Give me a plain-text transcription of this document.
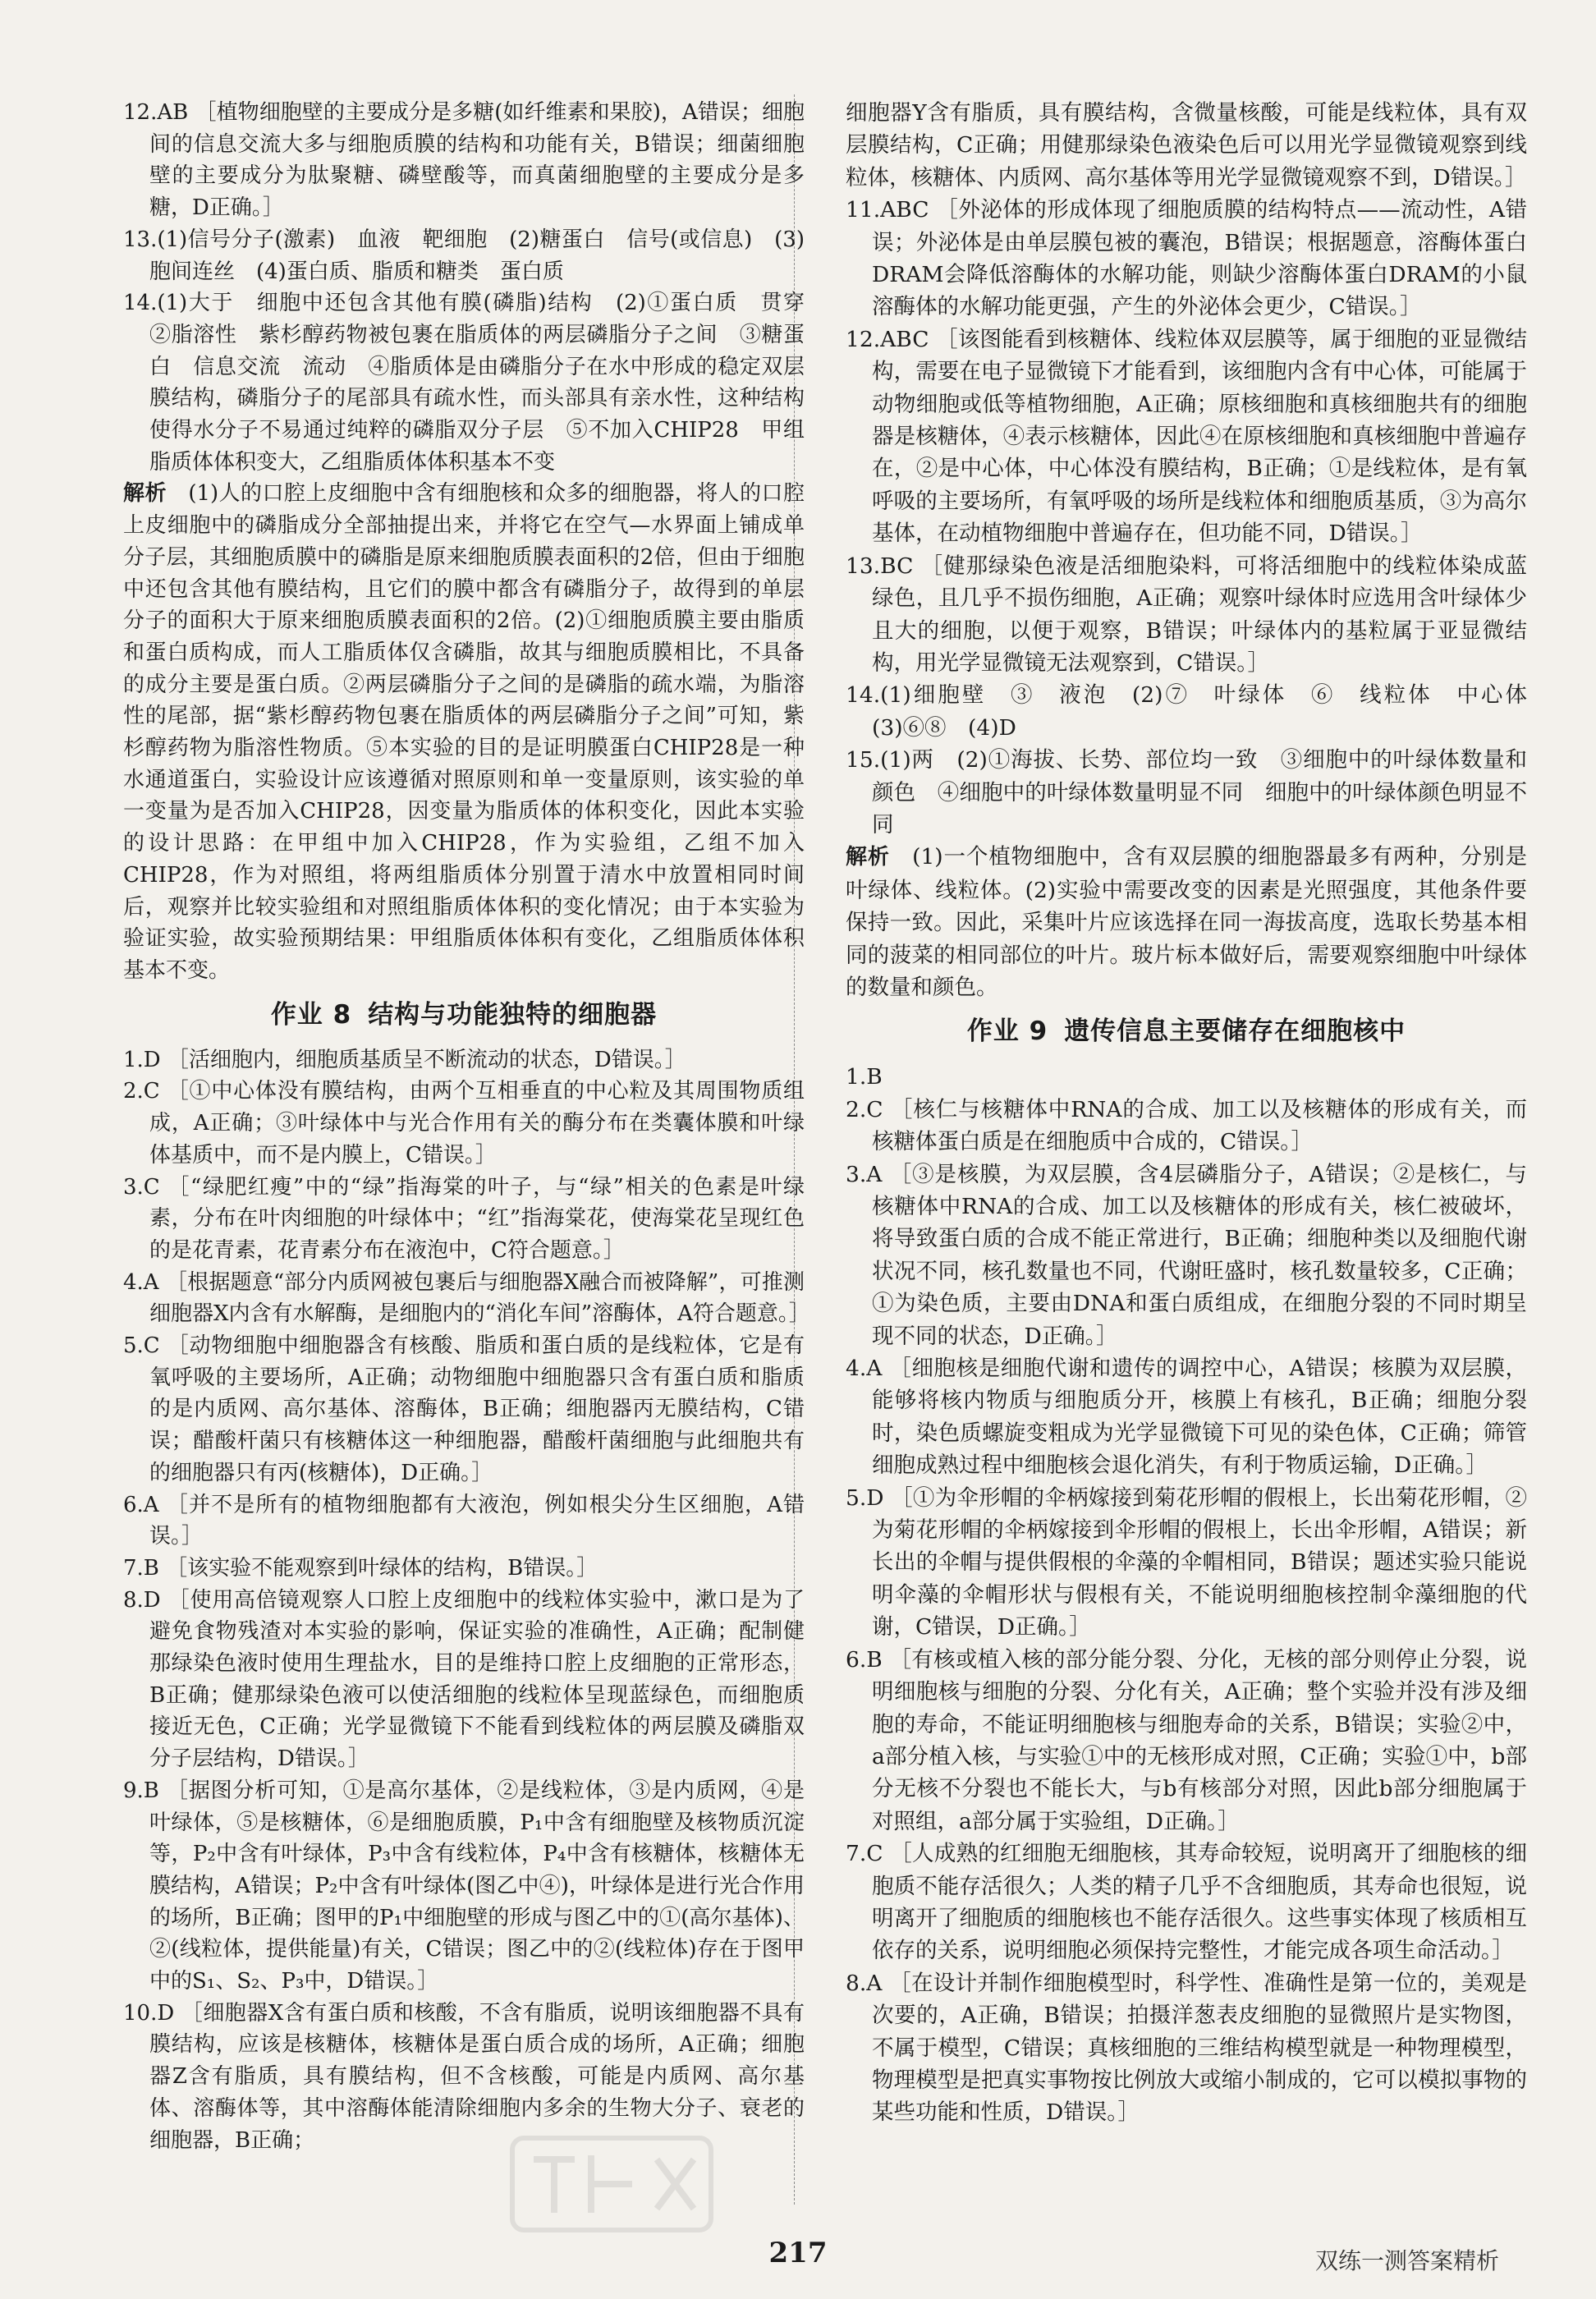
12.AB ［植物细胞壁的主要成分是多糖(如纤维素和果胶)，A错误；细胞间的信息交流大多与细胞质膜的结构和功能有关，B错误；细菌细胞壁的主要成分为肽聚糖、磷壁酸等，而真菌细胞壁的主要成分是多糖，D正确。］

13.(1)信号分子(激素)　血液　靶细胞　(2)糖蛋白　信号(或信息)　(3)胞间连丝　(4)蛋白质、脂质和糖类　蛋白质

14.(1)大于　细胞中还包含其他有膜(磷脂)结构　(2)①蛋白质　贯穿　②脂溶性　紫杉醇药物被包裹在脂质体的两层磷脂分子之间　③糖蛋白　信息交流　流动　④脂质体是由磷脂分子在水中形成的稳定双层膜结构，磷脂分子的尾部具有疏水性，而头部具有亲水性，这种结构使得水分子不易通过纯粹的磷脂双分子层　⑤不加入CHIP28　甲组脂质体体积变大，乙组脂质体体积基本不变

解析　 (1)人的口腔上皮细胞中含有细胞核和众多的细胞器，将人的口腔上皮细胞中的磷脂成分全部抽提出来，并将它在空气—水界面上铺成单分子层，其细胞质膜中的磷脂是原来细胞质膜表面积的2倍，但由于细胞中还包含其他有膜结构，且它们的膜中都含有磷脂分子，故得到的单层分子的面积大于原来细胞质膜表面积的2倍。(2)①细胞质膜主要由脂质和蛋白质构成，而人工脂质体仅含磷脂，故其与细胞质膜相比，不具备的成分主要是蛋白质。②两层磷脂分子之间的是磷脂的疏水端，为脂溶性的尾部，据“紫杉醇药物包裹在脂质体的两层磷脂分子之间”可知，紫杉醇药物为脂溶性物质。⑤本实验的目的是证明膜蛋白CHIP28是一种水通道蛋白，实验设计应该遵循对照原则和单一变量原则，该实验的单一变量为是否加入CHIP28，因变量为脂质体的体积变化，因此本实验的设计思路：在甲组中加入CHIP28，作为实验组，乙组不加入CHIP28，作为对照组，将两组脂质体分别置于清水中放置相同时间后，观察并比较实验组和对照组脂质体体积的变化情况；由于本实验为验证实验，故实验预期结果：甲组脂质体体积有变化，乙组脂质体体积基本不变。

作业 8 结构与功能独特的细胞器

1.D ［活细胞内，细胞质基质呈不断流动的状态，D错误。］

2.C ［①中心体没有膜结构，由两个互相垂直的中心粒及其周围物质组成，A正确；③叶绿体中与光合作用有关的酶分布在类囊体膜和叶绿体基质中，而不是内膜上，C错误。］

3.C ［“绿肥红瘦”中的“绿”指海棠的叶子，与“绿”相关的色素是叶绿素，分布在叶肉细胞的叶绿体中；“红”指海棠花，使海棠花呈现红色的是花青素，花青素分布在液泡中，C符合题意。］

4.A ［根据题意“部分内质网被包裹后与细胞器X融合而被降解”，可推测细胞器X内含有水解酶，是细胞内的“消化车间”溶酶体，A符合题意。］

5.C ［动物细胞中细胞器含有核酸、脂质和蛋白质的是线粒体，它是有氧呼吸的主要场所，A正确；动物细胞中细胞器只含有蛋白质和脂质的是内质网、高尔基体、溶酶体，B正确；细胞器丙无膜结构，C错误；醋酸杆菌只有核糖体这一种细胞器，醋酸杆菌细胞与此细胞共有的细胞器只有丙(核糖体)，D正确。］

6.A ［并不是所有的植物细胞都有大液泡，例如根尖分生区细胞，A错误。］

7.B ［该实验不能观察到叶绿体的结构，B错误。］

8.D ［使用高倍镜观察人口腔上皮细胞中的线粒体实验中，漱口是为了避免食物残渣对本实验的影响，保证实验的准确性，A正确；配制健那绿染色液时使用生理盐水，目的是维持口腔上皮细胞的正常形态，B正确；健那绿染色液可以使活细胞的线粒体呈现蓝绿色，而细胞质接近无色，C正确；光学显微镜下不能看到线粒体的两层膜及磷脂双分子层结构，D错误。］

9.B ［据图分析可知，①是高尔基体，②是线粒体，③是内质网，④是叶绿体，⑤是核糖体，⑥是细胞质膜，P₁中含有细胞壁及核物质沉淀等，P₂中含有叶绿体，P₃中含有线粒体，P₄中含有核糖体，核糖体无膜结构，A错误；P₂中含有叶绿体(图乙中④)，叶绿体是进行光合作用的场所，B正确；图甲的P₁中细胞壁的形成与图乙中的①(高尔基体)、②(线粒体，提供能量)有关，C错误；图乙中的②(线粒体)存在于图甲中的S₁、S₂、P₃中，D错误。］

10.D ［细胞器X含有蛋白质和核酸，不含有脂质，说明该细胞器不具有膜结构，应该是核糖体，核糖体是蛋白质合成的场所，A正确；细胞器Z含有脂质，具有膜结构，但不含核酸，可能是内质网、高尔基体、溶酶体等，其中溶酶体能清除细胞内多余的生物大分子、衰老的细胞器，B正确；

细胞器Y含有脂质，具有膜结构，含微量核酸，可能是线粒体，具有双层膜结构，C正确；用健那绿染色液染色后可以用光学显微镜观察到线粒体，核糖体、内质网、高尔基体等用光学显微镜观察不到，D错误。］

11.ABC ［外泌体的形成体现了细胞质膜的结构特点——流动性，A错误；外泌体是由单层膜包被的囊泡，B错误；根据题意，溶酶体蛋白DRAM会降低溶酶体的水解功能，则缺少溶酶体蛋白DRAM的小鼠溶酶体的水解功能更强，产生的外泌体会更少，C错误。］

12.ABC ［该图能看到核糖体、线粒体双层膜等，属于细胞的亚显微结构，需要在电子显微镜下才能看到，该细胞内含有中心体，可能属于动物细胞或低等植物细胞，A正确；原核细胞和真核细胞共有的细胞器是核糖体，④表示核糖体，因此④在原核细胞和真核细胞中普遍存在，②是中心体，中心体没有膜结构，B正确；①是线粒体，是有氧呼吸的主要场所，有氧呼吸的场所是线粒体和细胞质基质，③为高尔基体，在动植物细胞中普遍存在，但功能不同，D错误。］

13.BC ［健那绿染色液是活细胞染料，可将活细胞中的线粒体染成蓝绿色，且几乎不损伤细胞，A正确；观察叶绿体时应选用含叶绿体少且大的细胞，以便于观察，B错误；叶绿体内的基粒属于亚显微结构，用光学显微镜无法观察到，C错误。］

14.(1)细胞壁　③　液泡　(2)⑦　叶绿体　⑥　线粒体　中心体　(3)⑥⑧　(4)D

15.(1)两　(2)①海拔、长势、部位均一致　③细胞中的叶绿体数量和颜色　④细胞中的叶绿体数量明显不同　细胞中的叶绿体颜色明显不同

解析　 (1)一个植物细胞中，含有双层膜的细胞器最多有两种，分别是叶绿体、线粒体。(2)实验中需要改变的因素是光照强度，其他条件要保持一致。因此，采集叶片应该选择在同一海拔高度，选取长势基本相同的菠菜的相同部位的叶片。玻片标本做好后，需要观察细胞中叶绿体的数量和颜色。

作业 9 遗传信息主要储存在细胞核中

1.B

2.C ［核仁与核糖体中RNA的合成、加工以及核糖体的形成有关，而核糖体蛋白质是在细胞质中合成的，C错误。］

3.A ［③是核膜，为双层膜，含4层磷脂分子，A错误；②是核仁，与核糖体中RNA的合成、加工以及核糖体的形成有关，核仁被破坏，将导致蛋白质的合成不能正常进行，B正确；细胞种类以及细胞代谢状况不同，核孔数量也不同，代谢旺盛时，核孔数量较多，C正确；①为染色质，主要由DNA和蛋白质组成，在细胞分裂的不同时期呈现不同的状态，D正确。］

4.A ［细胞核是细胞代谢和遗传的调控中心，A错误；核膜为双层膜，能够将核内物质与细胞质分开，核膜上有核孔，B正确；细胞分裂时，染色质螺旋变粗成为光学显微镜下可见的染色体，C正确；筛管细胞成熟过程中细胞核会退化消失，有利于物质运输，D正确。］

5.D ［①为伞形帽的伞柄嫁接到菊花形帽的假根上，长出菊花形帽，②为菊花形帽的伞柄嫁接到伞形帽的假根上，长出伞形帽，A错误；新长出的伞帽与提供假根的伞藻的伞帽相同，B错误；题述实验只能说明伞藻的伞帽形状与假根有关，不能说明细胞核控制伞藻细胞的代谢，C错误，D正确。］

6.B ［有核或植入核的部分能分裂、分化，无核的部分则停止分裂，说明细胞核与细胞的分裂、分化有关，A正确；整个实验并没有涉及细胞的寿命，不能证明细胞核与细胞寿命的关系，B错误；实验②中，a部分植入核，与实验①中的无核形成对照，C正确；实验①中，b部分无核不分裂也不能长大，与b有核部分对照，因此b部分细胞属于对照组，a部分属于实验组，D正确。］

7.C ［人成熟的红细胞无细胞核，其寿命较短，说明离开了细胞核的细胞质不能存活很久；人类的精子几乎不含细胞质，其寿命也很短，说明离开了细胞质的细胞核也不能存活很久。这些事实体现了核质相互依存的关系，说明细胞必须保持完整性，才能完成各项生命活动。］

8.A ［在设计并制作细胞模型时，科学性、准确性是第一位的，美观是次要的，A正确，B错误；拍摄洋葱表皮细胞的显微照片是实物图，不属于模型，C错误；真核细胞的三维结构模型就是一种物理模型，物理模型是把真实事物按比例放大或缩小制成的，它可以模拟事物的某些功能和性质，D错误。］

217	双练一测答案精析
